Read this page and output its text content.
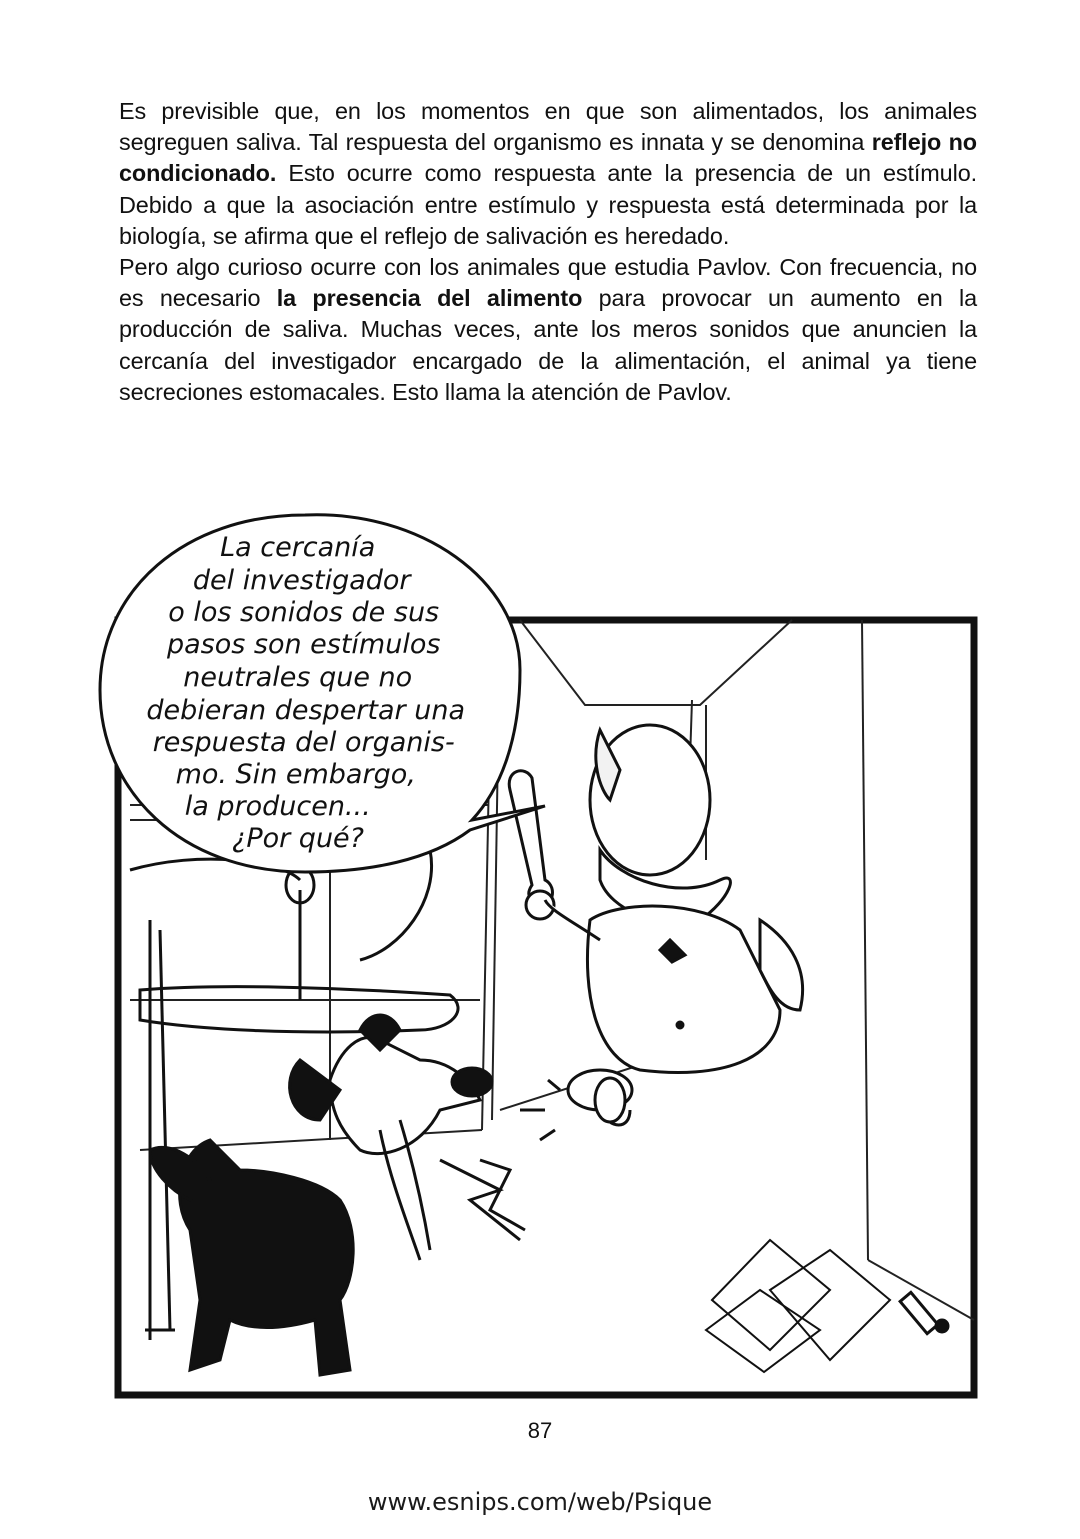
Es previsible que, en los momentos en que son alimentados, los animales segreguen saliva. Tal respuesta del organismo es innata y se denomina reflejo no condicionado. Esto ocurre como respuesta ante la presencia de un estímulo. Debido a que la asociación entre estímulo y respuesta está determinada por la biología, se afirma que el reflejo de salivación es heredado.

Pero algo curioso ocurre con los animales que estudia Pavlov. Con frecuencia, no es necesario la presencia del alimento para provocar un aumento en la producción de saliva. Muchas veces, ante los meros sonidos que anuncien la cercanía del investigador encargado de la alimentación, el animal ya tiene secreciones estomacales. Esto llama la atención de Pavlov.

La cercanía del investigador o los sonidos de sus pasos son estímulos neutrales que no debieran despertar una respuesta del organis- mo. Sin embargo, la producen... ¿Por qué?
87
www.esnips.com/web/Psique
